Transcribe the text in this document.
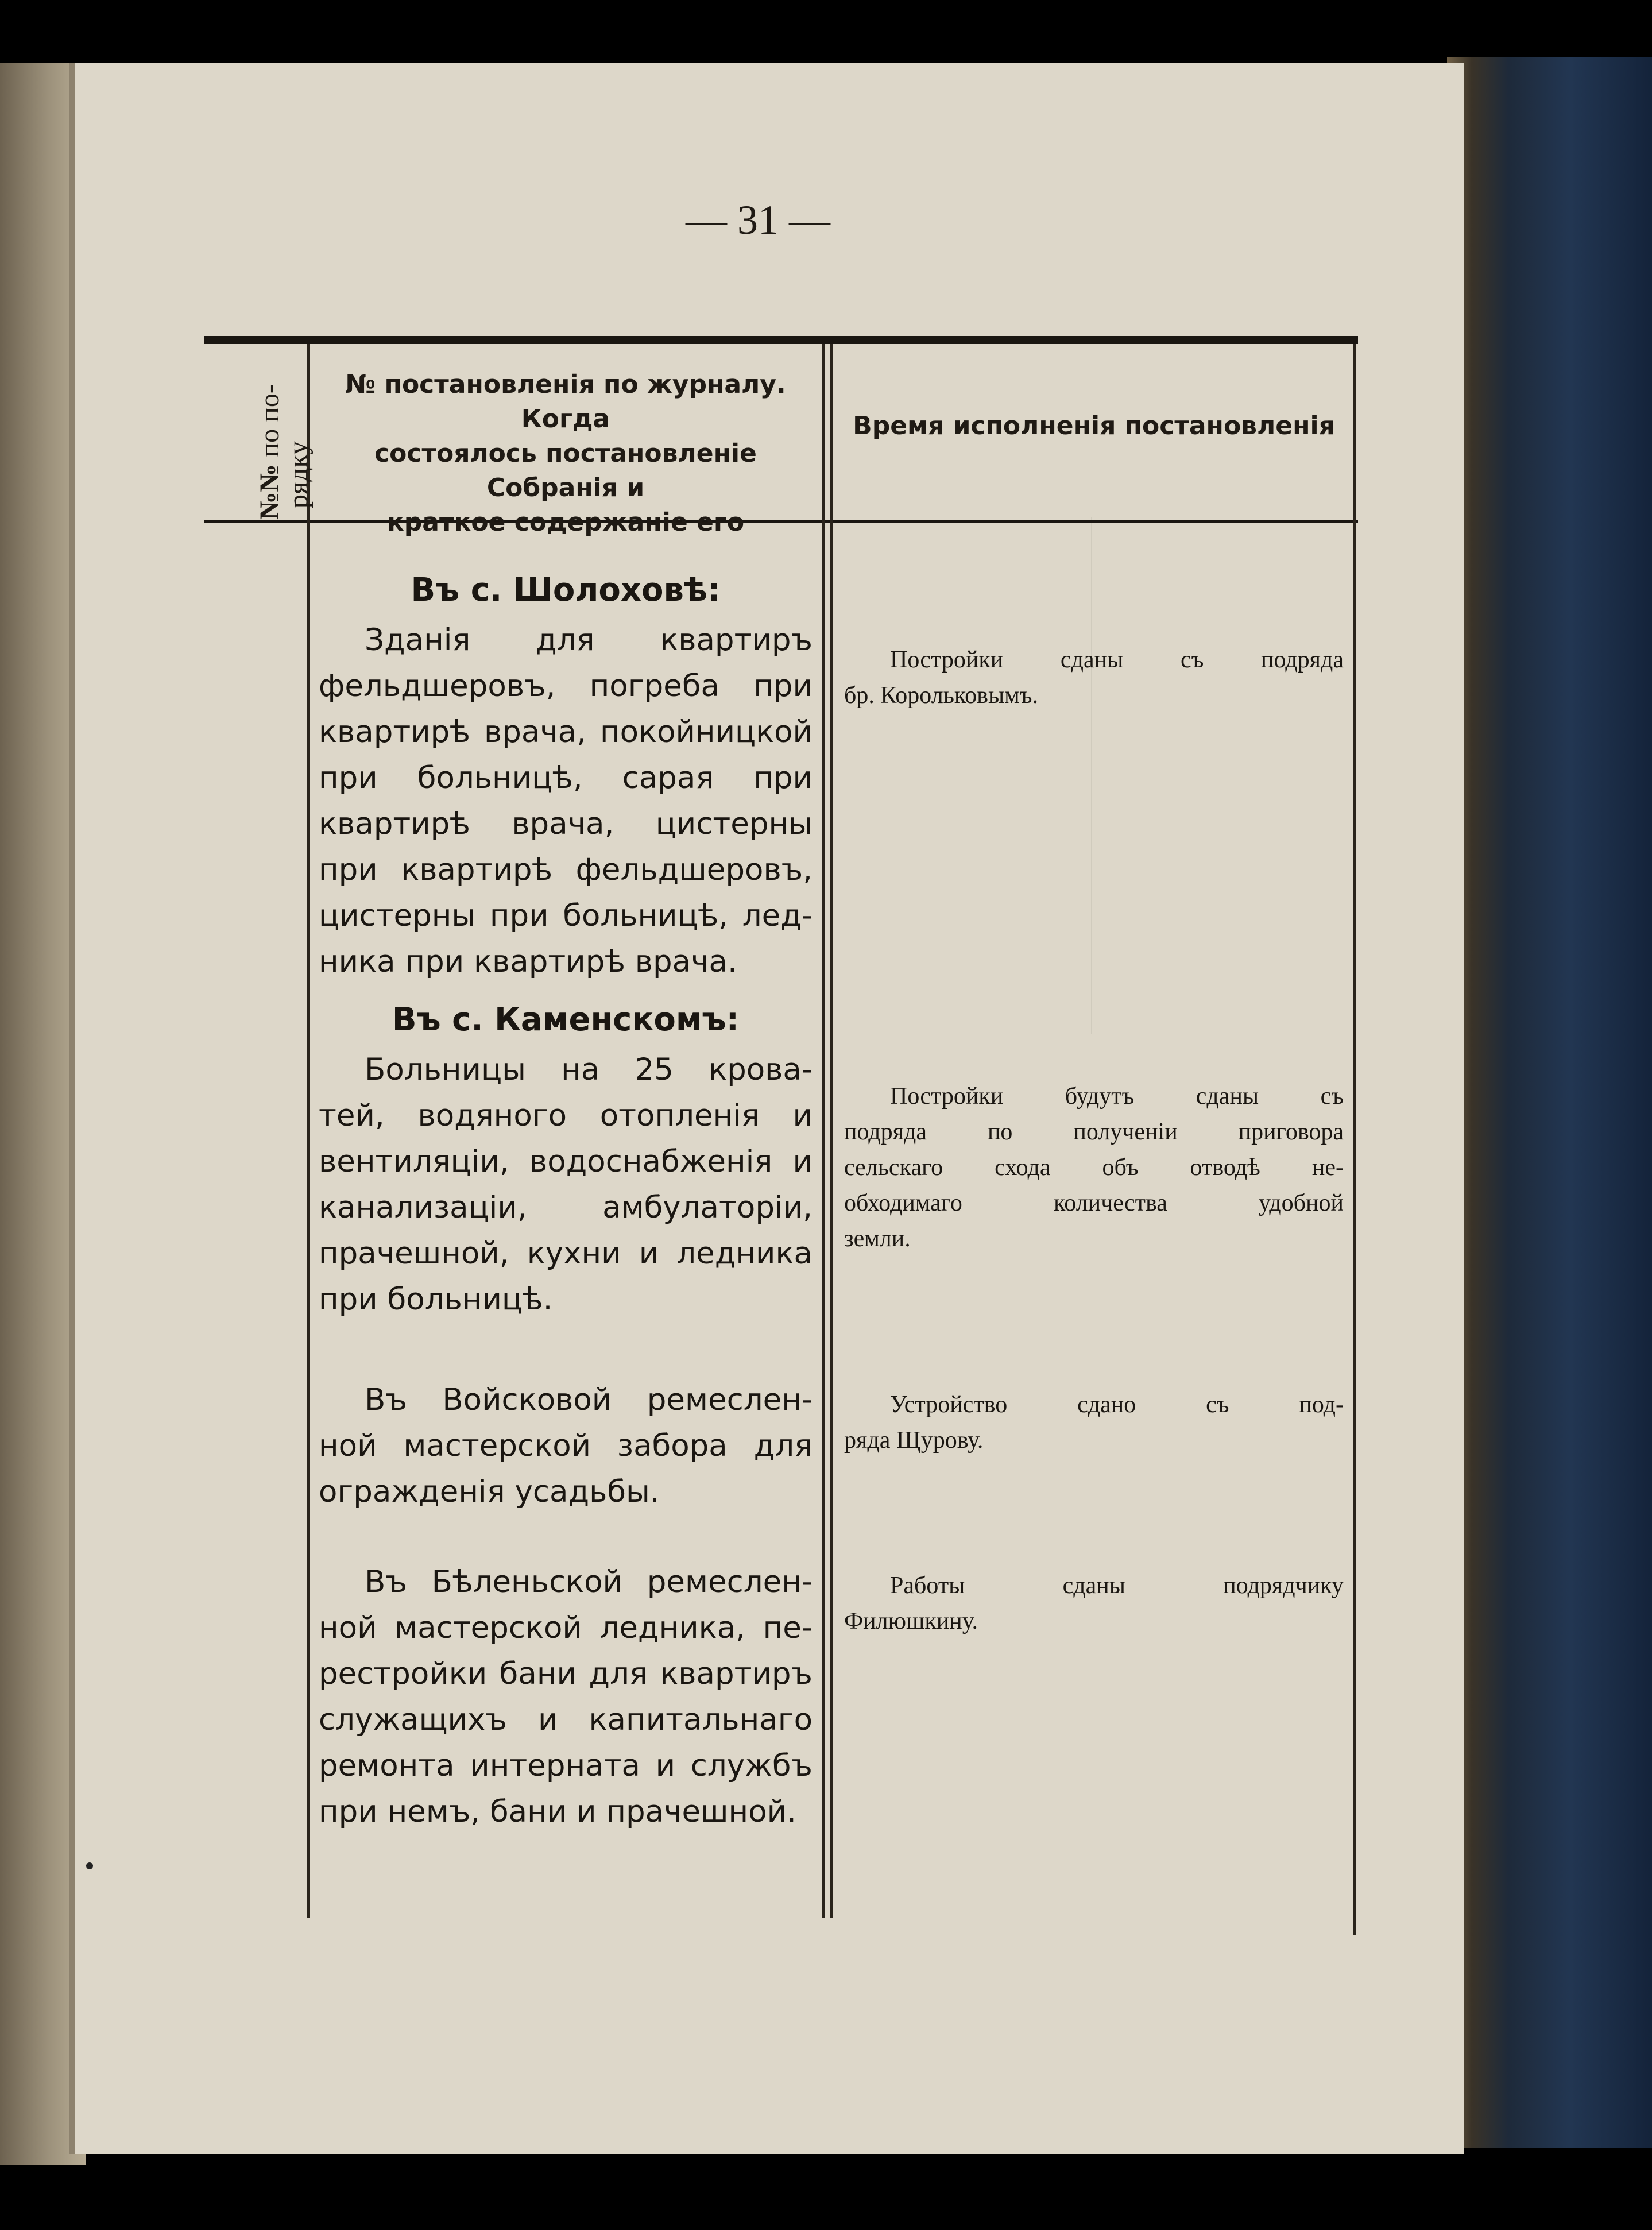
— 31 —
№№ по по-
рядку
№ постановленія по журналу. Когда
состоялось постановленіе Собранія и
краткое содержаніе его
Время исполненія постановленія
Въ с. Шолоховѣ:
Зданія для квартиръ
фельдшеровъ, погреба при
квартирѣ врача, покойницкой
при больницѣ, сарая при
квартирѣ врача, цистерны
при квартирѣ фельдшеровъ,
цистерны при больницѣ, лед-
ника при квартирѣ врача.
Постройки сданы съ подряда
бр. Корольковымъ.
Въ с. Каменскомъ:
Больницы на 25 крова-
тей, водяного отопленія и
вентиляціи, водоснабженія и
канализаціи, амбулаторіи,
прачешной, кухни и ледника
при больницѣ.
Постройки будутъ сданы съ
подряда по полученіи приговора
сельскаго схода объ отводѣ не-
обходимаго количества удобной
земли.
Въ Войсковой ремеслен-
ной мастерской забора для
огражденія усадьбы.
Устройство сдано съ под-
ряда Щурову.
Въ Бѣленьской ремеслен-
ной мастерской ледника, пе-
рестройки бани для квартиръ
служащихъ и капитальнаго
ремонта интерната и службъ
при немъ, бани и прачешной.
Работы сданы подрядчику
Филюшкину.
